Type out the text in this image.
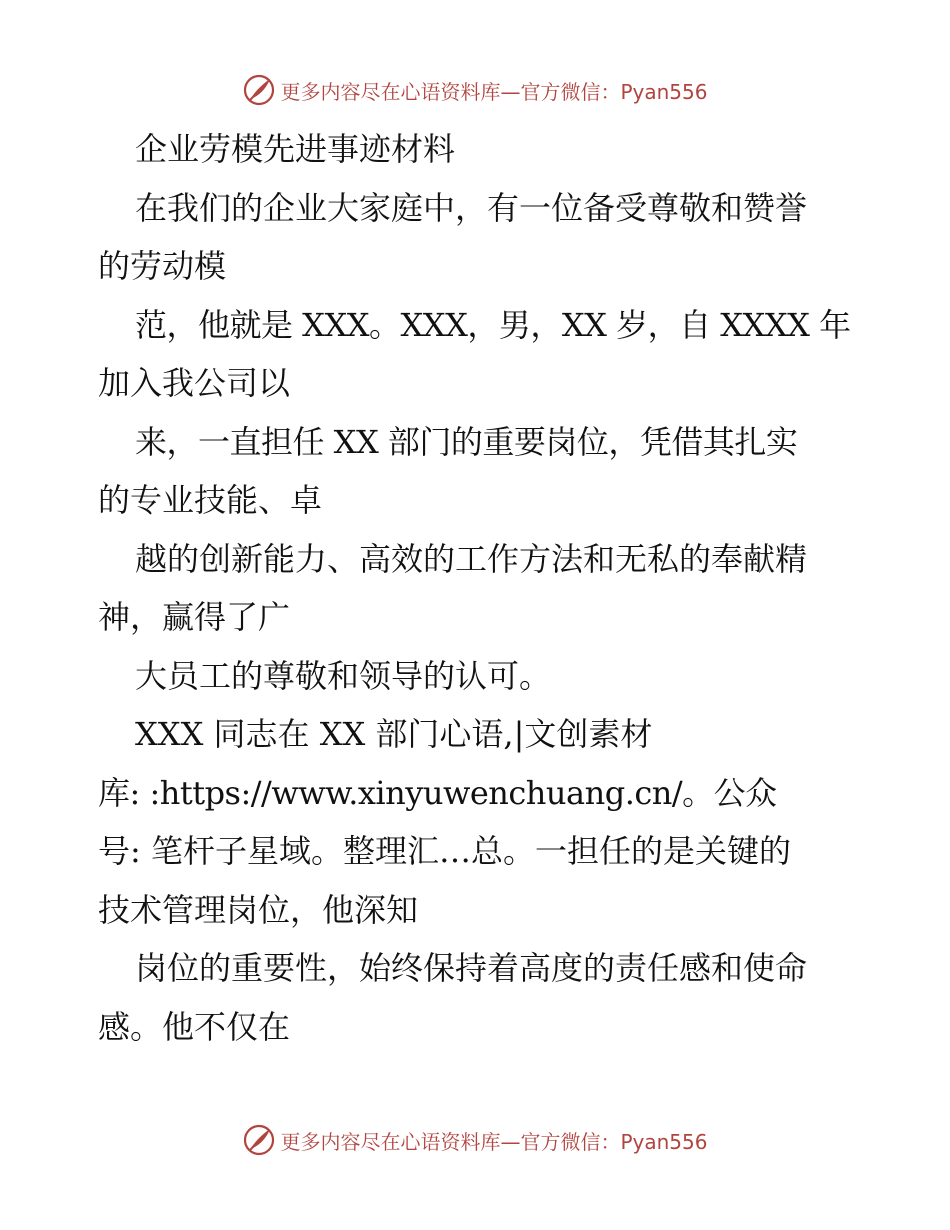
更多内容尽在心语资料库—官方微信：Pyan556
企业劳模先进事迹材料
在我们的企业大家庭中，有一位备受尊敬和赞誉
的劳动模
范，他就是 XXX。XXX，男，XX 岁，自 XXXX 年
加入我公司以
来，一直担任 XX 部门的重要岗位，凭借其扎实
的专业技能、卓
越的创新能力、高效的工作方法和无私的奉献精
神，赢得了广
大员工的尊敬和领导的认可。
XXX 同志在 XX 部门心语,|文创素材
库: :https://www.xinyuwenchuang.cn/。公众
号: 笔杆子星域。整理汇…总。一担任的是关键的
技术管理岗位，他深知
岗位的重要性，始终保持着高度的责任感和使命
感。他不仅在
更多内容尽在心语资料库—官方微信：Pyan556
